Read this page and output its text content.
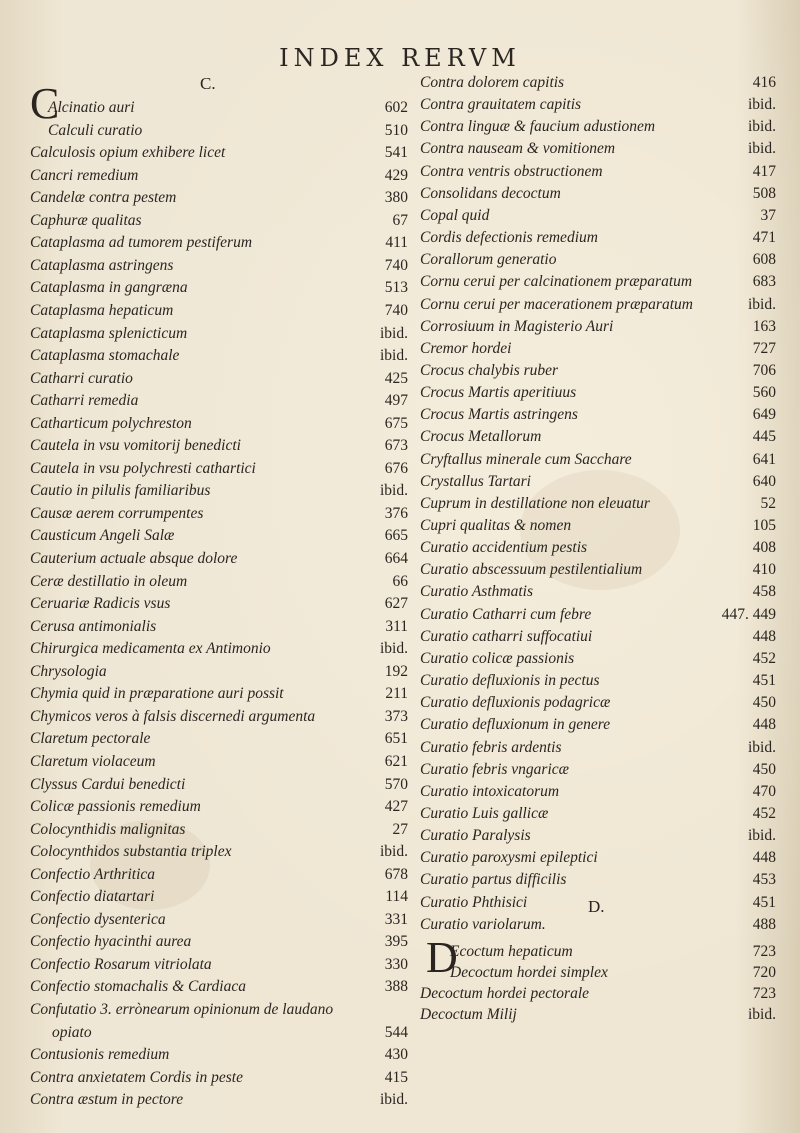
INDEX RERVM
C.
C
Alcinatio auri	602
Calculi curatio	510
Calculosis opium exhibere licet	541
Cancri remedium	429
Candelæ contra pestem	380
Caphuræ qualitas	67
Cataplasma ad tumorem pestiferum	411
Cataplasma astringens	740
Cataplasma in gangræna	513
Cataplasma hepaticum	740
Cataplasma splenicticum	ibid.
Cataplasma stomachale	ibid.
Catharri curatio	425
Catharri remedia	497
Catharticum polychreston	675
Cautela in vsu vomitorij benedicti	673
Cautela in vsu polychresti cathartici	676
Cautio in pilulis familiaribus	ibid.
Causæ aerem corrumpentes	376
Causticum Angeli Salæ	665
Cauterium actuale absque dolore	664
Ceræ destillatio in oleum	66
Ceruariæ Radicis vsus	627
Cerusa antimonialis	311
Chirurgica medicamenta ex Antimonio	ibid.
Chrysologia	192
Chymia quid in præparatione auri possit	211
Chymicos veros à falsis discernedi argumenta	373
Claretum pectorale	651
Claretum violaceum	621
Clyssus Cardui benedicti	570
Colicæ passionis remedium	427
Colocynthidis malignitas	27
Colocynthidos substantia triplex	ibid.
Confectio Arthritica	678
Confectio diatartari	114
Confectio dysenterica	331
Confectio hyacinthi aurea	395
Confectio Rosarum vitriolata	330
Confectio stomachalis & Cardiaca	388
Confutatio 3. errònearum opinionum de laudano
opiato	544
Contusionis remedium	430
Contra anxietatem Cordis in peste	415
Contra æstum in pectore	ibid.
Contra dolorem capitis	416
Contra grauitatem capitis	ibid.
Contra linguæ & faucium adustionem	ibid.
Contra nauseam & vomitionem	ibid.
Contra ventris obstructionem	417
Consolidans decoctum	508
Copal quid	37
Cordis defectionis remedium	471
Corallorum generatio	608
Cornu cerui per calcinationem præparatum	683
Cornu cerui per macerationem præparatum	ibid.
Corrosiuum in Magisterio Auri	163
Cremor hordei	727
Crocus chalybis ruber	706
Crocus Martis aperitiuus	560
Crocus Martis astringens	649
Crocus Metallorum	445
Cryftallus minerale cum Sacchare	641
Crystallus Tartari	640
Cuprum in destillatione non eleuatur	52
Cupri qualitas & nomen	105
Curatio accidentium pestis	408
Curatio abscessuum pestilentialium	410
Curatio Asthmatis	458
Curatio Catharri cum febre	447. 449
Curatio catharri suffocatiui	448
Curatio colicæ passionis	452
Curatio defluxionis in pectus	451
Curatio defluxionis podagricæ	450
Curatio defluxionum in genere	448
Curatio febris ardentis	ibid.
Curatio febris vngaricæ	450
Curatio intoxicatorum	470
Curatio Luis gallicæ	452
Curatio Paralysis	ibid.
Curatio paroxysmi epileptici	448
Curatio partus difficilis	453
Curatio Phthisici	451
Curatio variolarum.	488
D.
D
Ecoctum hepaticum	723
Decoctum hordei simplex	720
Decoctum hordei pectorale	723
Decoctum Milij	ibid.
